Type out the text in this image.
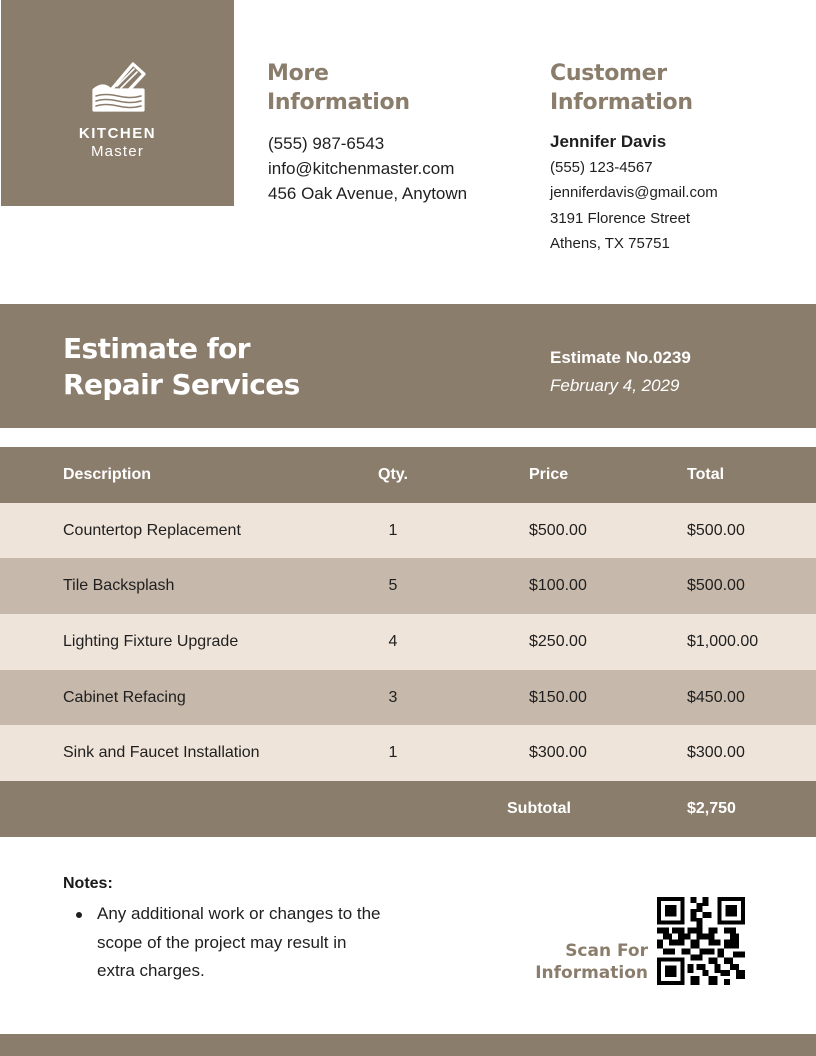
KITCHEN
Master
More
Information
(555) 987-6543
info@kitchenmaster.com
456 Oak Avenue, Anytown
Customer
Information
Jennifer Davis
(555) 123-4567
jenniferdavis@gmail.com
3191 Florence Street
Athens, TX 75751
Estimate for
Repair Services
Estimate No.0239
February 4, 2029
Description	Qty.	Price	Total
Countertop Replacement	1	$500.00	$500.00
Tile Backsplash	5	$100.00	$500.00
Lighting Fixture Upgrade	4	$250.00	$1,000.00
Cabinet Refacing	3	$150.00	$450.00
Sink and Faucet Installation	1	$300.00	$300.00
Subtotal	$2,750
Notes:
Any additional work or changes to the scope of the project may result in extra charges.
Scan For
Information
